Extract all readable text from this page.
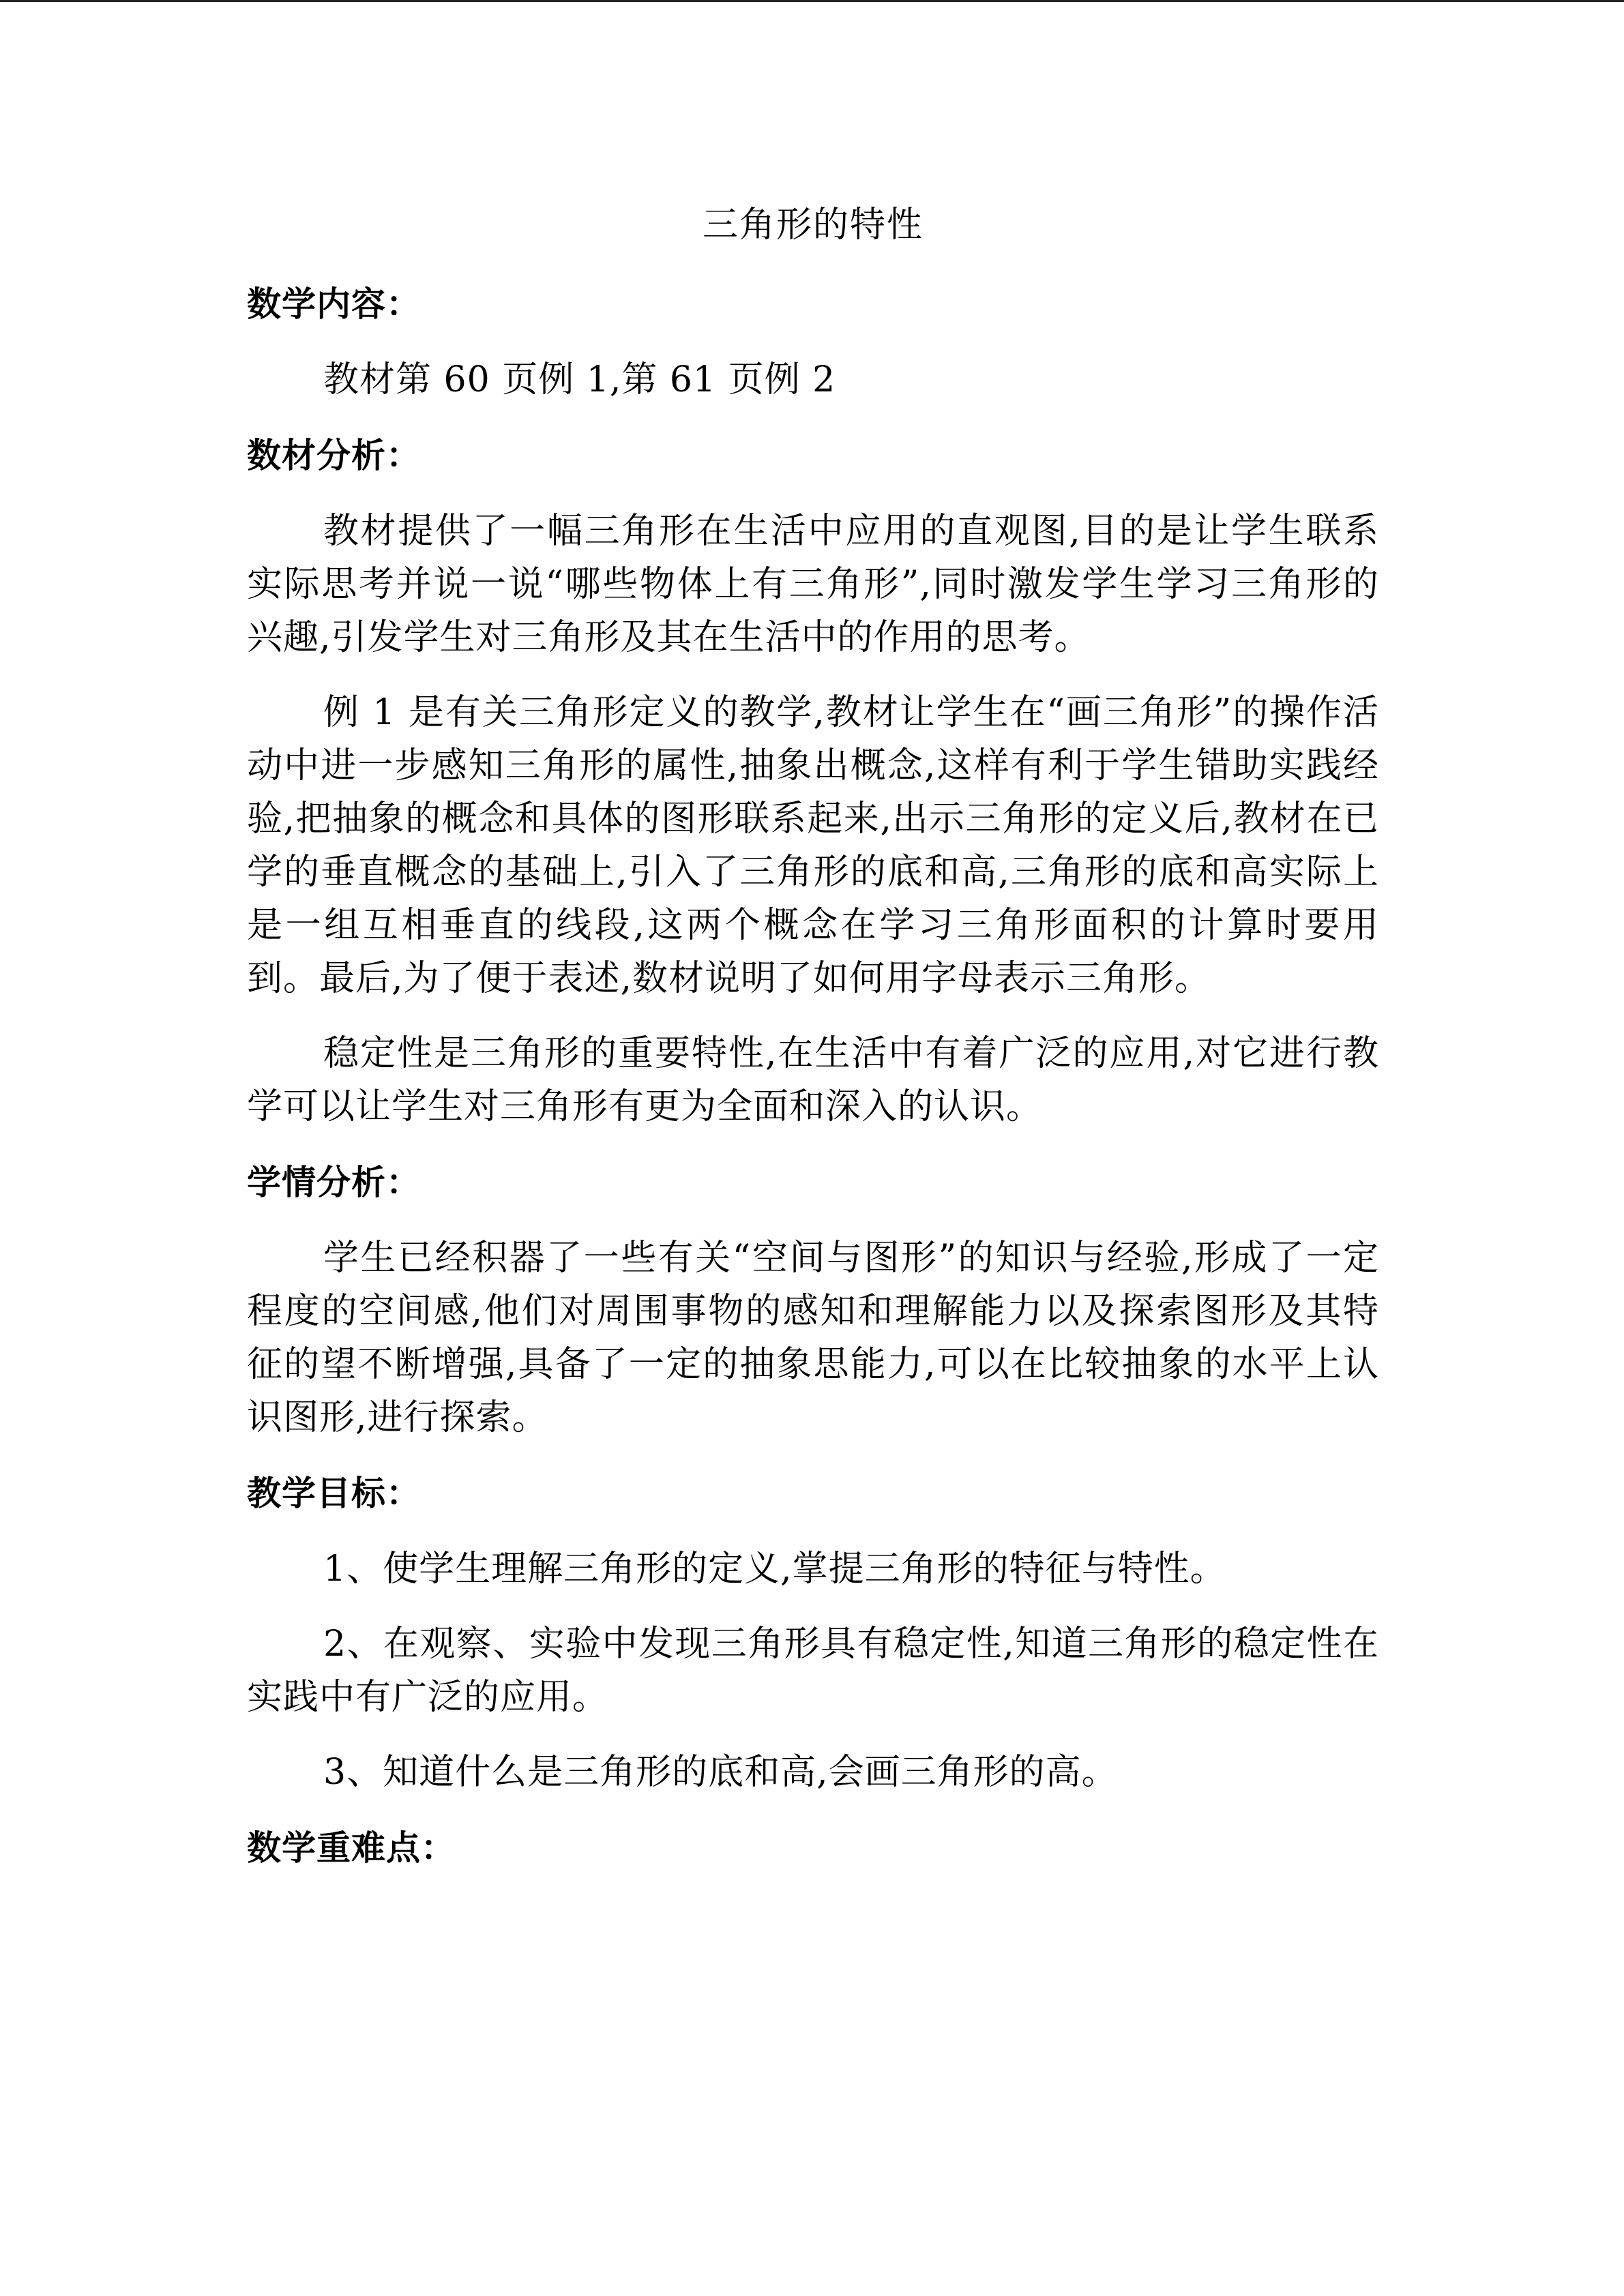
三角形的特性
数学内容：

教材第 60 页例 1,第 61 页例 2

数材分析：

教材提供了一幅三角形在生活中应用的直观图,目的是让学生联系实际思考并说一说“哪些物体上有三角形”,同时激发学生学习三角形的兴趣,引发学生对三角形及其在生活中的作用的思考。

例 1 是有关三角形定义的教学,教材让学生在“画三角形”的操作活动中进一步感知三角形的属性,抽象出概念,这样有利于学生错助实践经验,把抽象的概念和具体的图形联系起来,出示三角形的定义后,教材在已学的垂直概念的基础上,引入了三角形的底和高,三角形的底和高实际上是一组互相垂直的线段,这两个概念在学习三角形面积的计算时要用到。最后,为了便于表述,数材说明了如何用字母表示三角形。

稳定性是三角形的重要特性,在生活中有着广泛的应用,对它进行教学可以让学生对三角形有更为全面和深入的认识。

学情分析：

学生已经积器了一些有关“空间与图形”的知识与经验,形成了一定程度的空间感,他们对周围事物的感知和理解能力以及探索图形及其特征的望不断增强,具备了一定的抽象思能力,可以在比较抽象的水平上认识图形,进行探索。

教学目标：

1、使学生理解三角形的定义,掌提三角形的特征与特性。

2、在观察、实验中发现三角形具有稳定性,知道三角形的稳定性在实践中有广泛的应用。

3、知道什么是三角形的底和高,会画三角形的高。

数学重难点：
